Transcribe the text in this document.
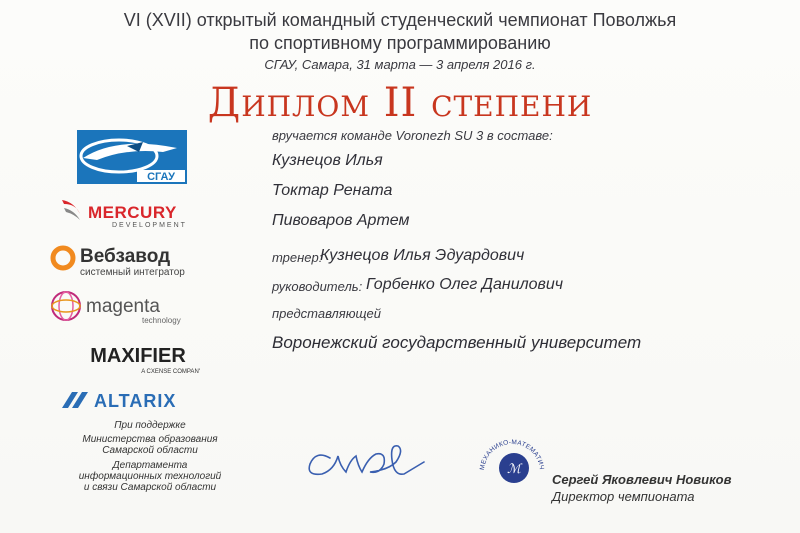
VI (XVII) открытый командный студенческий чемпионат Поволжья
по спортивному программированию
СГАУ, Самара, 31 марта — 3 апреля 2016 г.
Диплом II степени
вручается команде Voronezh SU 3 в составе:
Кузнецов Илья
Токтар Рената
Пивоваров Артем
тренер:
Кузнецов Илья Эдуардович
руководитель: Горбенко Олег Данилович
представляющей
Воронежский государственный университет
СГАУ
MERCURY
DEVELOPMENT
Вебзавод
системный интегратор
magenta
technology
MAXIFIER
A CXENSE COMPANY
ALTARIX
При поддержке
Министерства образования
Самарской области
Департамента
информационных технологий
и связи Самарской области
МЕХАНИКО-МАТЕМАТИЧ
ℳ
Сергей Яковлевич Новиков
Директор чемпионата
